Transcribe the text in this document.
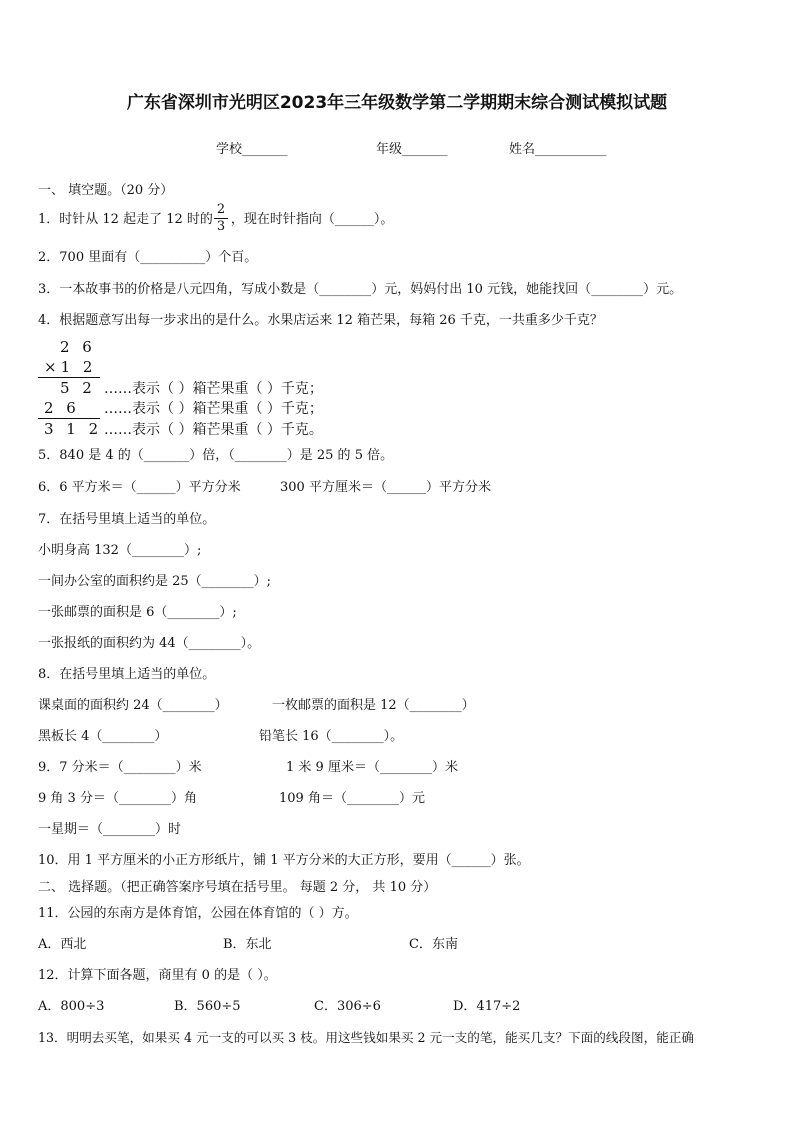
广东省深圳市光明区2023年三年级数学第二学期期末综合测试模拟试题
学校_______	年级_______	姓名___________
一、 填空题。（20 分）
1．时针从 12 起走了 12 时的 ，现在时针指向（______）。
2
3
2．700 里面有（__________）个百。
3．一本故事书的价格是八元四角，写成小数是（________）元，妈妈付出 10 元钱，她能找回（________）元。
4．根据题意写出每一步求出的是什么。水果店运来 12 箱芒果，每箱 26 千克，一共重多少千克？
2 6
×1 2
5 2
2 6
3 1 2
……表示（ ）箱芒果重（ ）千克；
……表示（ ）箱芒果重（ ）千克；
……表示（ ）箱芒果重（ ）千克。
5．840 是 4 的（_______）倍，（________）是 25 的 5 倍。
6．6 平方米＝（______）平方分米	300 平方厘米＝（______）平方分米
7．在括号里填上适当的单位。
小明身高 132（________）;
一间办公室的面积约是 25（________）;
一张邮票的面积是 6（________）;
一张报纸的面积约为 44（________）。
8．在括号里填上适当的单位。
课桌面的面积约 24（________）	一枚邮票的面积是 12（________）
黑板长 4（________）	铅笔长 16（________）。
9．7 分米＝（________）米	1 米 9 厘米＝（________）米
9 角 3 分＝（________）角	109 角＝（________）元
一星期＝（________）时
10．用 1 平方厘米的小正方形纸片，铺 1 平方分米的大正方形，要用（______）张。
二、 选择题。（把正确答案序号填在括号里。 每题 2 分， 共 10 分）
11．公园的东南方是体育馆，公园在体育馆的（ ）方。
A．西北	B．东北	C．东南
12．计算下面各题，商里有 0 的是（ ）。
A．800÷3	B．560÷5	C．306÷6	D．417÷2
13．明明去买笔，如果买 4 元一支的可以买 3 枝。用这些钱如果买 2 元一支的笔，能买几支？下面的线段图，能正确
